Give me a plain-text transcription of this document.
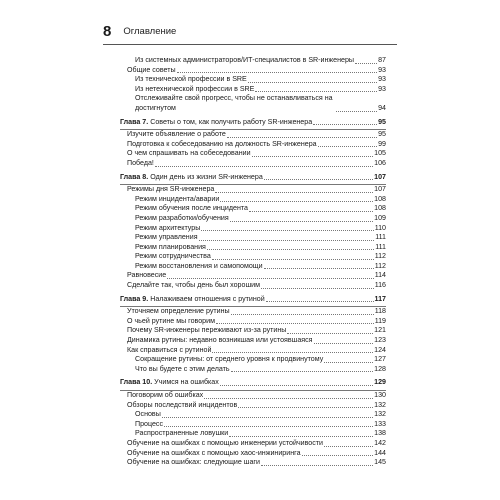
8 Оглавление
Из системных администраторов/ИТ-специалистов в SR-инженеры	87
Общие советы	93
Из технической профессии в SRE	93
Из нетехнической профессии в SRE	93
Отслеживайте свой прогресс, чтобы не останавливаться на достигнутом	94
Глава 7. Советы о том, как получить работу SR-инженера	95
Изучите объявление о работе	95
Подготовка к собеседованию на должность SR-инженера	99
О чем спрашивать на собеседовании	105
Победа!	106
Глава 8. Один день из жизни SR-инженера	107
Режимы дня SR-инженера	107
Режим инцидента/аварии	108
Режим обучения после инцидента	108
Режим разработки/обучения	109
Режим архитектуры	110
Режим управления	111
Режим планирования	111
Режим сотрудничества	112
Режим восстановления и самопомощи	112
Равновесие	114
Сделайте так, чтобы день был хорошим	116
Глава 9. Налаживаем отношения с рутиной	117
Уточняем определение рутины	118
О чьей рутине мы говорим	119
Почему SR-инженеры переживают из-за рутины	121
Динамика рутины: недавно возникшая или устоявшаяся	123
Как справиться с рутиной	124
Сокращение рутины: от среднего уровня к продвинутому	127
Что вы будете с этим делать	128
Глава 10. Учимся на ошибках	129
Поговорим об ошибках	130
Обзоры последствий инцидентов	132
Основы	132
Процесс	133
Распространенные ловушки	138
Обучение на ошибках с помощью инженерии устойчивости	142
Обучение на ошибках с помощью хаос-инжиниринга	144
Обучение на ошибках: следующие шаги	145
